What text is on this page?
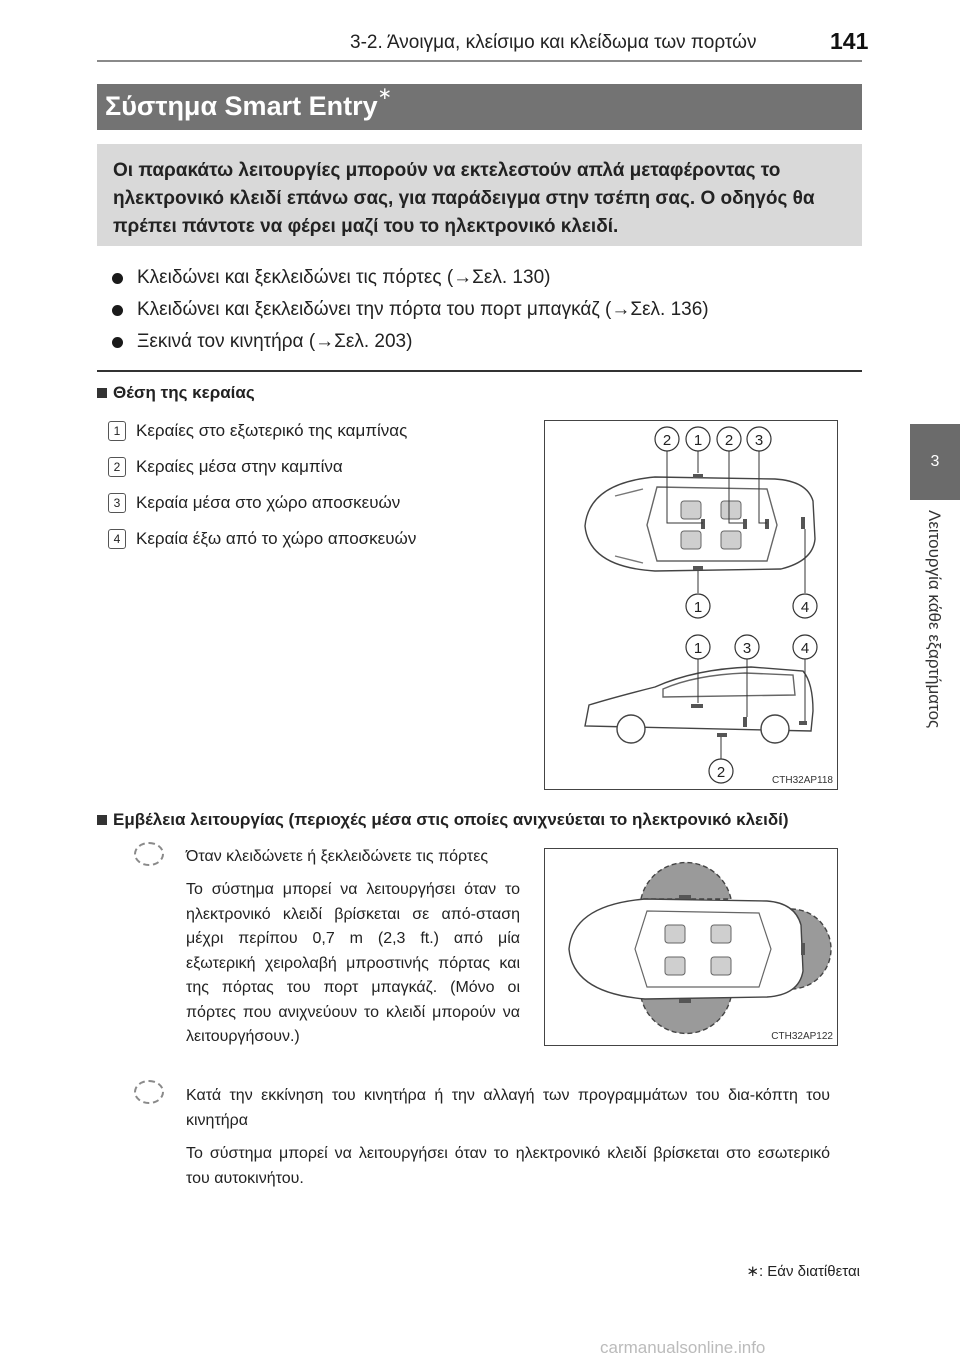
3-2. Άνοιγμα, κλείσιμο και κλείδωμα των πορτών	141
3
Λειτουργία κάθε εξαρτήματος
Σύστημα Smart Entry∗
Οι παρακάτω λειτουργίες μπορούν να εκτελεστούν απλά μεταφέροντας το ηλεκτρονικό κλειδί επάνω σας, για παράδειγμα στην τσέπη σας. Ο οδηγός θα πρέπει πάντοτε να φέρει μαζί του το ηλεκτρονικό κλειδί.
Κλειδώνει και ξεκλειδώνει τις πόρτες (→Σελ. 130)
Κλειδώνει και ξεκλειδώνει την πόρτα του πορτ μπαγκάζ (→Σελ. 136)
Ξεκινά τον κινητήρα (→Σελ. 203)
Θέση της κεραίας
1 Κεραίες στο εξωτερικό της καμπίνας
2 Κεραίες μέσα στην καμπίνα
3 Κεραία μέσα στο χώρο αποσκευών
4 Κεραία έξω από το χώρο αποσκευών
2 1 2 3
1	4
1	3	4
2	CTH32AP118
Εμβέλεια λειτουργίας (περιοχές μέσα στις οποίες ανιχνεύεται το ηλεκτρονικό κλειδί)
Όταν κλειδώνετε ή ξεκλειδώνετε τις πόρτες
Το σύστημα μπορεί να λειτουργήσει όταν το ηλεκτρονικό κλειδί βρίσκεται σε από-σταση μέχρι περίπου 0,7 m (2,3 ft.) από μία εξωτερική χειρολαβή μπροστινής πόρτας και της πόρτας του πορτ μπαγκάζ. (Μόνο οι πόρτες που ανιχνεύουν το κλειδί μπορούν να λειτουργήσουν.)	CTH32AP122
Κατά την εκκίνηση του κινητήρα ή την αλλαγή των προγραμμάτων του δια-κόπτη του κινητήρα
Το σύστημα μπορεί να λειτουργήσει όταν το ηλεκτρονικό κλειδί βρίσκεται στο εσωτερικό του αυτοκινήτου.
∗: Εάν διατίθεται
carmanualsonline.info
